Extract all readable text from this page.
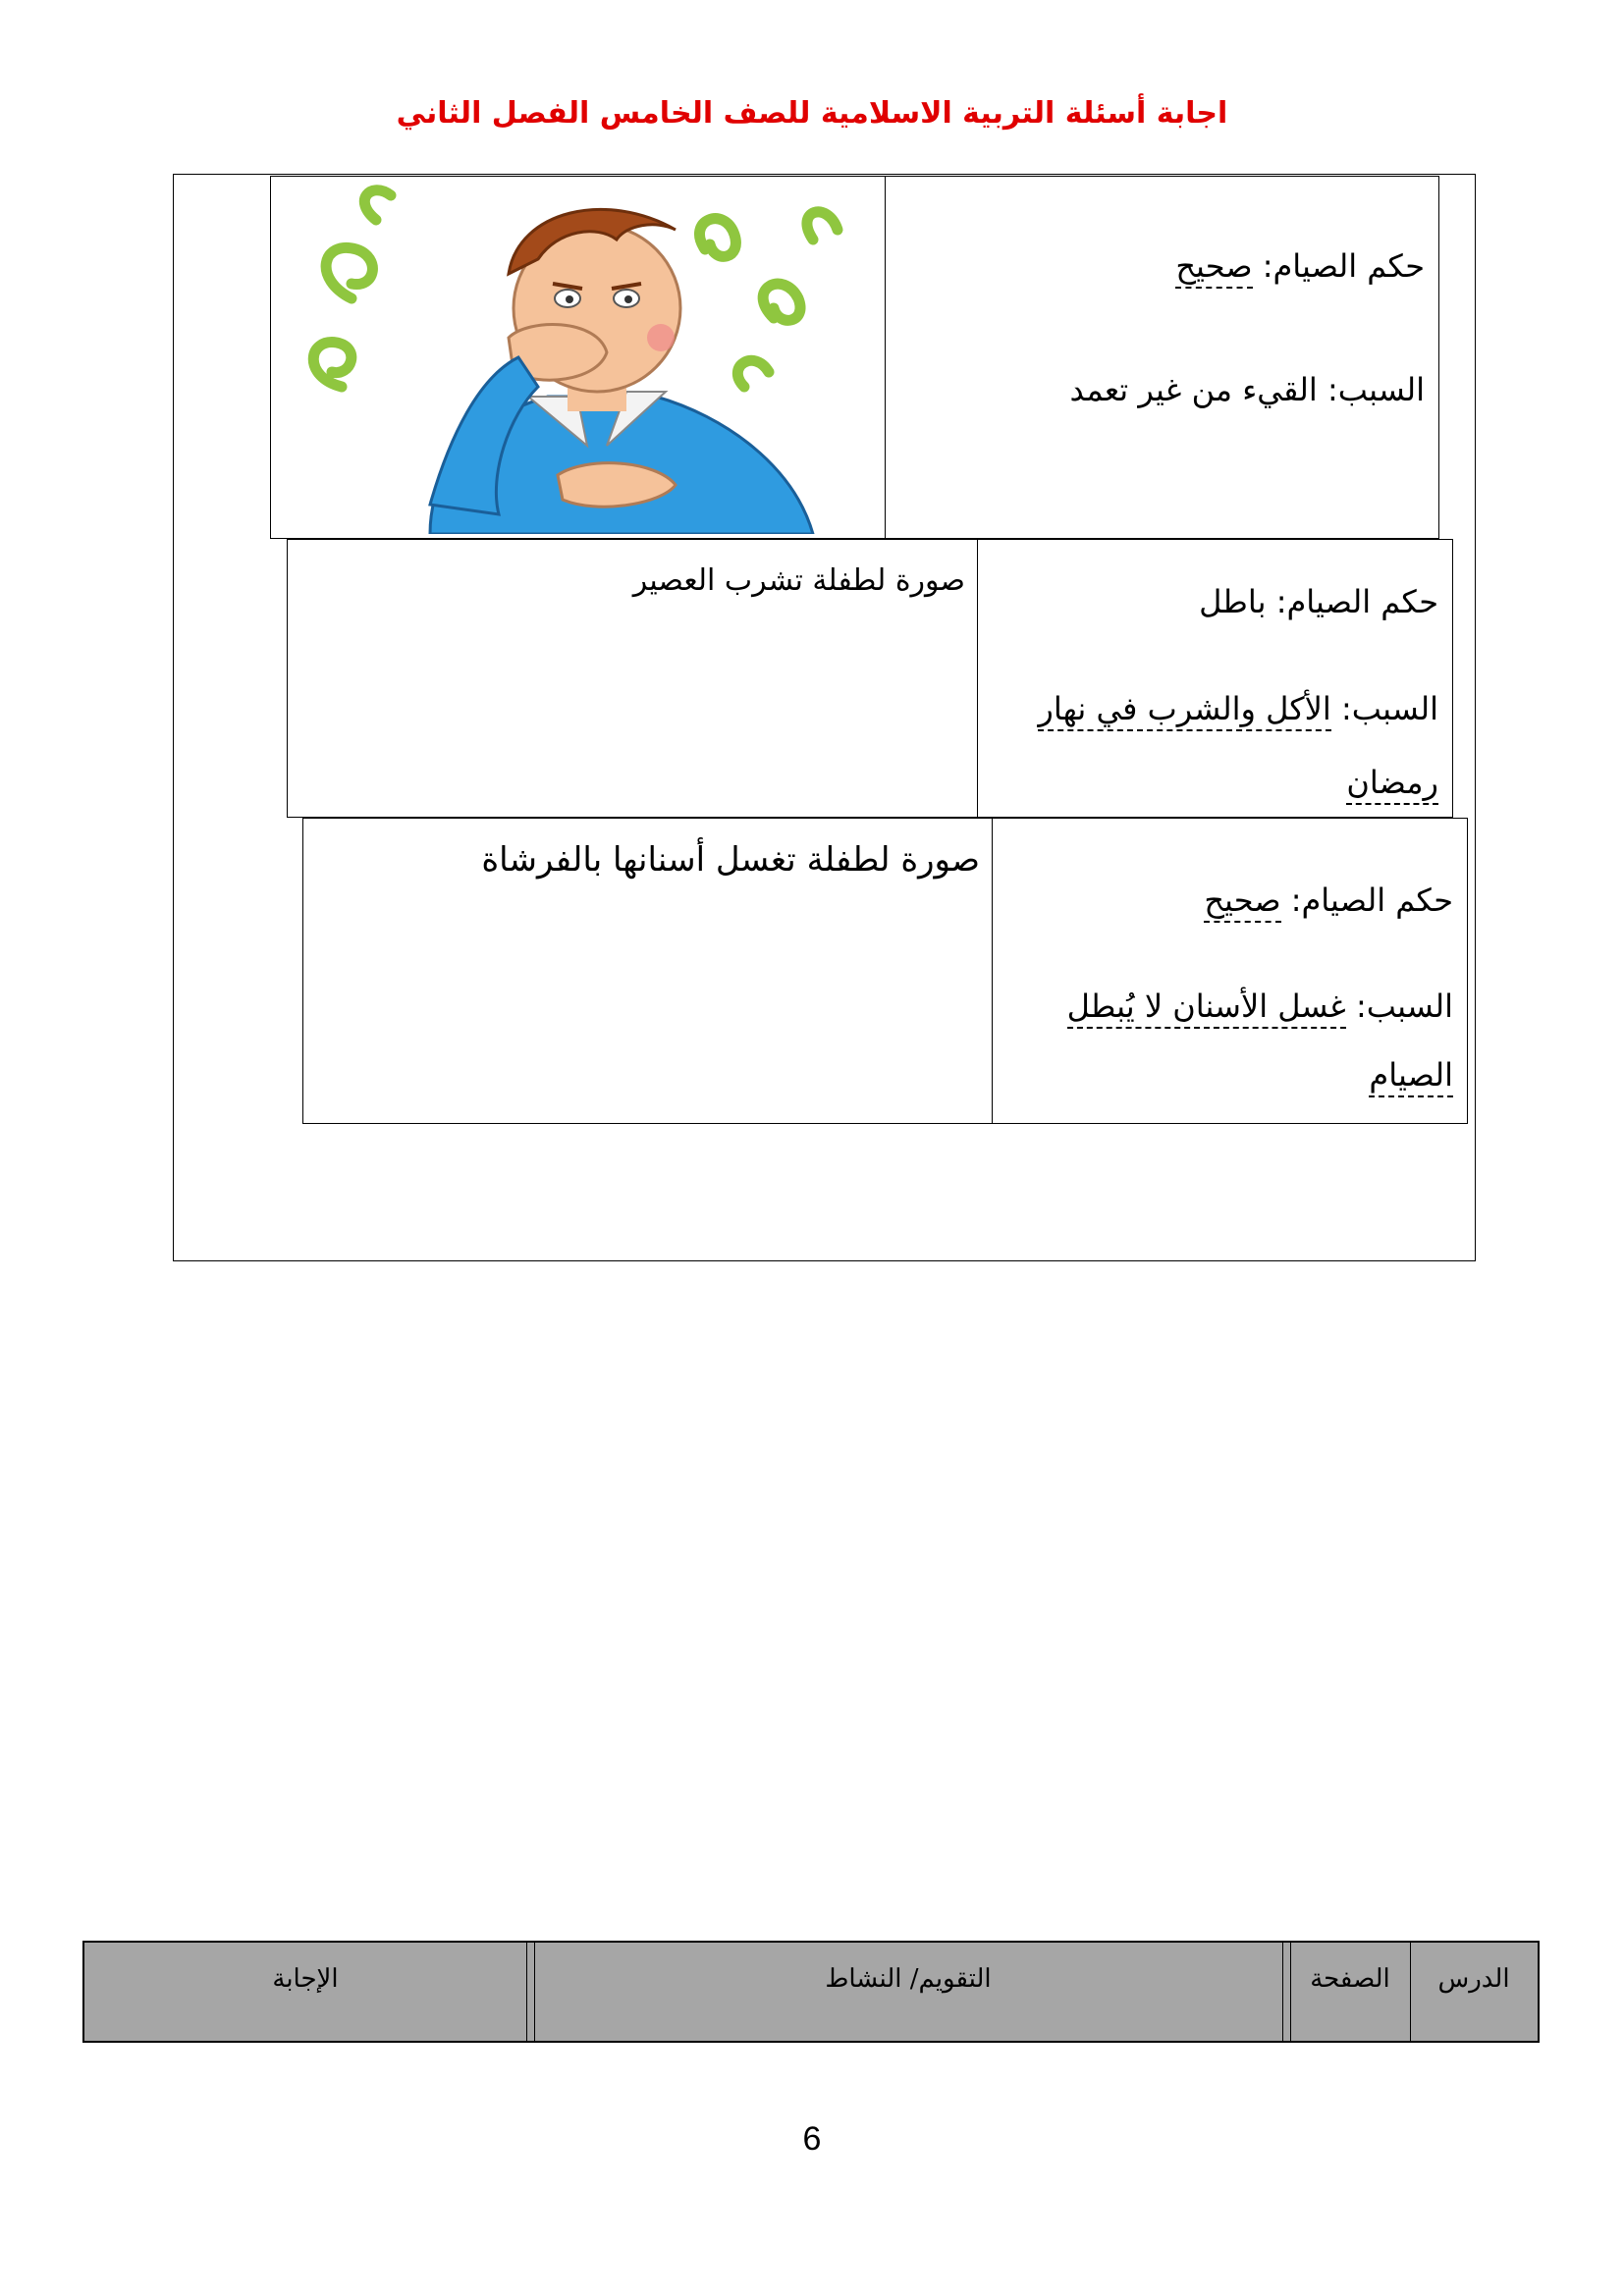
اجابة أسئلة التربية الاسلامية للصف الخامس الفصل الثاني
حكم الصيام: صحيح
السبب: القيء من غير تعمد
صورة لطفلة تشرب العصير
حكم الصيام: باطل
السبب: الأكل والشرب في نهار
رمضان
صورة لطفلة تغسل أسنانها بالفرشاة
حكم الصيام: صحيح
السبب: غسل الأسنان لا يُبطل
الصيام
الإجابة	التقويم/ النشاط	الصفحة	الدرس
6
